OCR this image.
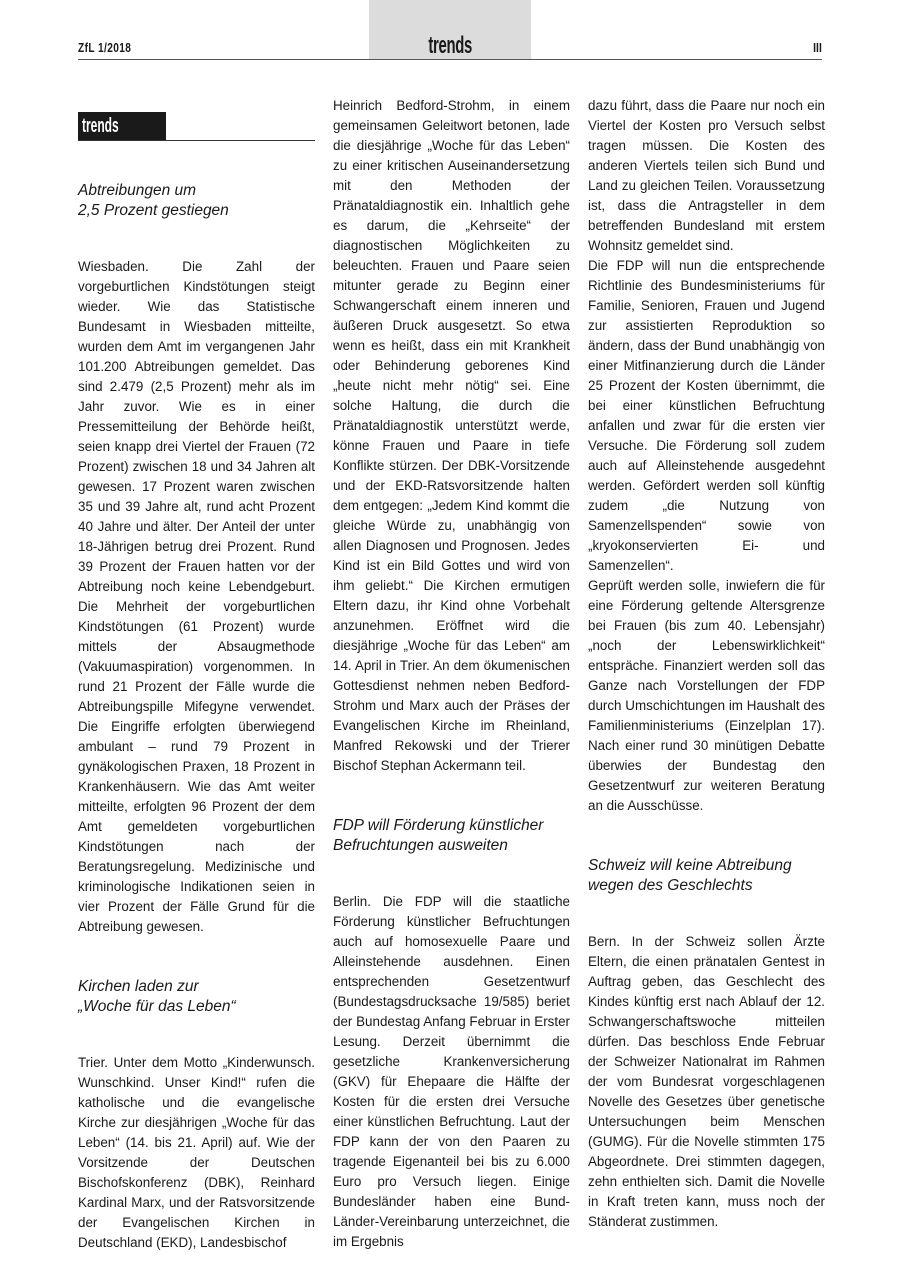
ZfL 1/2018	trends	III
trends
Abtreibungen um
2,5 Prozent gestiegen

Wiesbaden. Die Zahl der vorgeburtlichen Kindstötungen steigt wieder. Wie das Statistische Bundesamt in Wiesbaden mitteilte, wurden dem Amt im vergangenen Jahr 101.200 Abtreibungen gemeldet. Das sind 2.479 (2,5 Prozent) mehr als im Jahr zuvor. Wie es in einer Pressemitteilung der Behörde heißt, seien knapp drei Viertel der Frauen (72 Prozent) zwischen 18 und 34 Jahren alt gewesen. 17 Prozent waren zwischen 35 und 39 Jahre alt, rund acht Prozent 40 Jahre und älter. Der Anteil der unter 18-Jährigen betrug drei Prozent. Rund 39 Prozent der Frauen hatten vor der Abtreibung noch keine Lebendgeburt. Die Mehrheit der vorgeburtlichen Kindstötungen (61 Prozent) wurde mittels der Absaugmethode (Vakuumaspiration) vorgenommen. In rund 21 Prozent der Fälle wurde die Abtreibungspille Mifegyne verwendet. Die Eingriffe erfolgten überwiegend ambulant – rund 79 Prozent in gynäkologischen Praxen, 18 Prozent in Krankenhäusern. Wie das Amt weiter mitteilte, erfolgten 96 Prozent der dem Amt gemeldeten vorgeburtlichen Kindstötungen nach der Beratungsregelung. Medizinische und kriminologische Indikationen seien in vier Prozent der Fälle Grund für die Abtreibung gewesen.

Kirchen laden zur
„Woche für das Leben“

Trier. Unter dem Motto „Kinderwunsch. Wunschkind. Unser Kind!“ rufen die katholische und die evangelische Kirche zur diesjährigen „Woche für das Leben“ (14. bis 21. April) auf. Wie der Vorsitzende der Deutschen Bischofskonferenz (DBK), Reinhard Kardinal Marx, und der Ratsvorsitzende der Evangelischen Kirchen in Deutschland (EKD), Landesbischof

Heinrich Bedford-Strohm, in einem gemeinsamen Geleitwort betonen, lade die diesjährige „Woche für das Leben“ zu einer kritischen Auseinandersetzung mit den Methoden der Pränataldiagnostik ein. Inhaltlich gehe es darum, die „Kehrseite“ der diagnostischen Möglichkeiten zu beleuchten. Frauen und Paare seien mitunter gerade zu Beginn einer Schwangerschaft einem inneren und äußeren Druck ausgesetzt. So etwa wenn es heißt, dass ein mit Krankheit oder Behinderung geborenes Kind „heute nicht mehr nötig“ sei. Eine solche Haltung, die durch die Pränataldiagnostik unterstützt werde, könne Frauen und Paare in tiefe Konflikte stürzen. Der DBK-Vorsitzende und der EKD-Ratsvorsitzende halten dem entgegen: „Jedem Kind kommt die gleiche Würde zu, unabhängig von allen Diagnosen und Prognosen. Jedes Kind ist ein Bild Gottes und wird von ihm geliebt.“ Die Kirchen ermutigen Eltern dazu, ihr Kind ohne Vorbehalt anzunehmen. Eröffnet wird die diesjährige „Woche für das Leben“ am 14. April in Trier. An dem ökumenischen Gottesdienst nehmen neben Bedford-Strohm und Marx auch der Präses der Evangelischen Kirche im Rheinland, Manfred Rekowski und der Trierer Bischof Stephan Ackermann teil.

FDP will Förderung künstlicher
Befruchtungen ausweiten

Berlin. Die FDP will die staatliche Förderung künstlicher Befruchtungen auch auf homosexuelle Paare und Alleinstehende ausdehnen. Einen entsprechenden Gesetzentwurf (Bundestagsdrucksache 19/585) beriet der Bundestag Anfang Februar in Erster Lesung. Derzeit übernimmt die gesetzliche Krankenversicherung (GKV) für Ehepaare die Hälfte der Kosten für die ersten drei Versuche einer künstlichen Befruchtung. Laut der FDP kann der von den Paaren zu tragende Eigenanteil bei bis zu 6.000 Euro pro Versuch liegen. Einige Bundesländer haben eine Bund-Länder-Vereinbarung unterzeichnet, die im Ergebnis

dazu führt, dass die Paare nur noch ein Viertel der Kosten pro Versuch selbst tragen müssen. Die Kosten des anderen Viertels teilen sich Bund und Land zu gleichen Teilen. Voraussetzung ist, dass die Antragsteller in dem betreffenden Bundesland mit erstem Wohnsitz gemeldet sind.

Die FDP will nun die entsprechende Richtlinie des Bundesministeriums für Familie, Senioren, Frauen und Jugend zur assistierten Reproduktion so ändern, dass der Bund unabhängig von einer Mitfinanzierung durch die Länder 25 Prozent der Kosten übernimmt, die bei einer künstlichen Befruchtung anfallen und zwar für die ersten vier Versuche. Die Förderung soll zudem auch auf Alleinstehende ausgedehnt werden. Gefördert werden soll künftig zudem „die Nutzung von Samenzellspenden“ sowie von „kryokonservierten Ei- und Samenzellen“.

Geprüft werden solle, inwiefern die für eine Förderung geltende Altersgrenze bei Frauen (bis zum 40. Lebensjahr) „noch der Lebenswirklichkeit“ entspräche. Finanziert werden soll das Ganze nach Vorstellungen der FDP durch Umschichtungen im Haushalt des Familienministeriums (Einzelplan 17). Nach einer rund 30 minütigen Debatte überwies der Bundestag den Gesetzentwurf zur weiteren Beratung an die Ausschüsse.

Schweiz will keine Abtreibung
wegen des Geschlechts

Bern. In der Schweiz sollen Ärzte Eltern, die einen pränatalen Gentest in Auftrag geben, das Geschlecht des Kindes künftig erst nach Ablauf der 12. Schwangerschaftswoche mitteilen dürfen. Das beschloss Ende Februar der Schweizer Nationalrat im Rahmen der vom Bundesrat vorgeschlagenen Novelle des Gesetzes über genetische Untersuchungen beim Menschen (GUMG). Für die Novelle stimmten 175 Abgeordnete. Drei stimmten dagegen, zehn enthielten sich. Damit die Novelle in Kraft treten kann, muss noch der Ständerat zustimmen.
